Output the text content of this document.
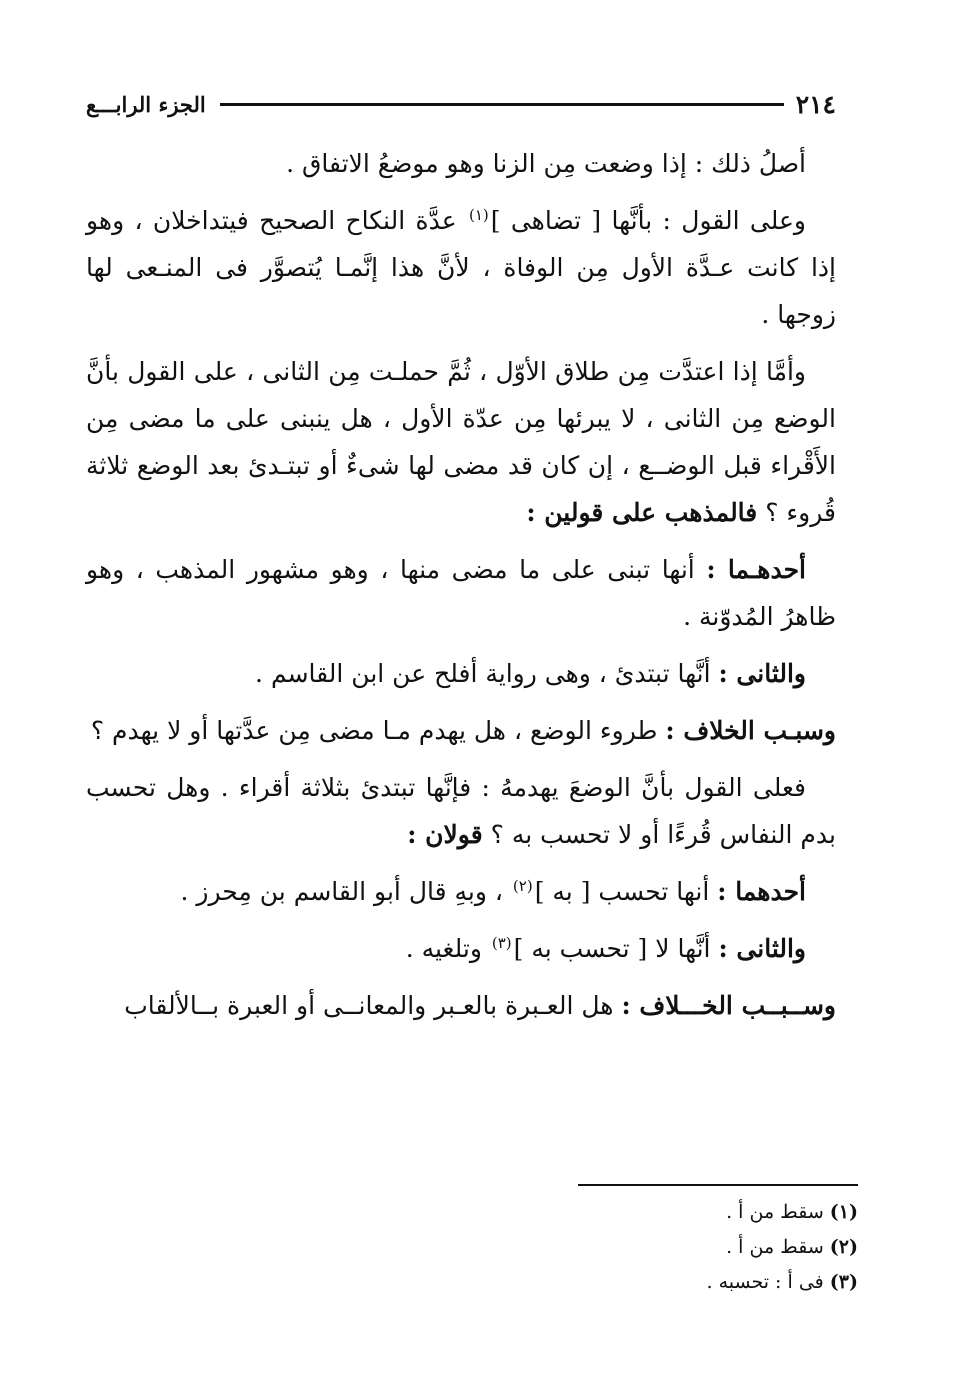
٢١٤
الجزء الرابـــع

أصلُ ذلك : إذا وضعت مِن الزنا وهو موضعُ الاتفاق .

وعلى القول : بأنَّها [ تضاهى ]$^{(١)}$ عدَّة النكاح الصحيح فيتداخلان ، وهو إذا كانت عـدَّة الأول مِن الوفاة ، لأنَّ هذا إنَّمـا يُتصوَّر فى المنـعى لها زوجها .

وأمَّا إذا اعتدَّت مِن طلاق الأوّل ، ثُمَّ حملـت مِن الثانى ، على القول بأنَّ الوضع مِن الثانى ، لا يبرئها مِن عدّة الأول ، هل ينبنى على ما مضى مِن الأَقْراء قبل الوضــع ، إن كان قد مضى لها شىءٌ أو تبتـدئ بعد الوضع ثلاثة قُروء ؟ فالمذهب على قولين :

أحدهـما : أنها تبنى على ما مضى منها ، وهو مشهور المذهب ، وهو ظاهرُ المُدوّنة .

والثانى : أنَّها تبتدئ ، وهى رواية أفلح عن ابن القاسم .

وسبـب الخلاف : طروء الوضع ، هل يهدم مـا مضى مِن عدَّتها أو لا يهدم ؟

فعلى القول بأنَّ الوضعَ يهدمهُ : فإنَّها تبتدئ بثلاثة أقراء . وهل تحسب بدم النفاس قُرءًا أو لا تحسب به ؟ قولان :

أحدهما : أنها تحسب [ به ]$^{(٢)}$ ، وبهِ قال أبو القاسم بن مِحرز .

والثانى : أنَّها لا [ تحسب به ]$^{(٣)}$ وتلغيه .

وســبــب الخـــلاف : هل العـبرة بالعـبر والمعانــى أو العبرة بــالألقاب

(١) سقط من أ .
(٢) سقط من أ .
(٣) فى أ : تحسبه .
